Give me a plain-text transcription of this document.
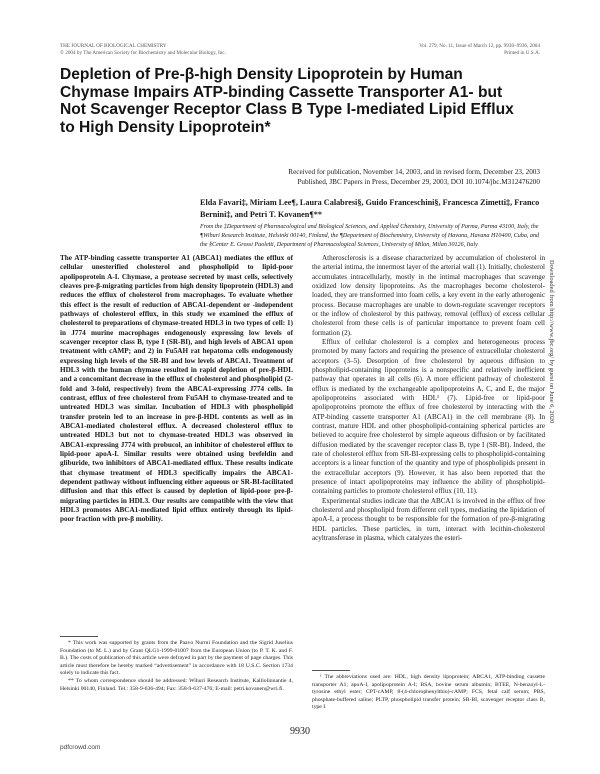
THE JOURNAL OF BIOLOGICAL CHEMISTRY
© 2004 by The American Society for Biochemistry and Molecular Biology, Inc.
Vol. 279, No. 11, Issue of March 12, pp. 9930–9936, 2004
Printed in U.S.A.
Depletion of Pre-β-high Density Lipoprotein by Human Chymase Impairs ATP-binding Cassette Transporter A1- but Not Scavenger Receptor Class B Type I-mediated Lipid Efflux to High Density Lipoprotein*
Received for publication, November 14, 2003, and in revised form, December 23, 2003
Published, JBC Papers in Press, December 29, 2003, DOI 10.1074/jbc.M312476200
Elda Favari‡, Miriam Lee¶, Laura Calabresi§, Guido Franceschini§, Francesca Zimetti‡, Franco Bernini‡, and Petri T. Kovanen¶**
From the ‡Department of Pharmacological and Biological Sciences, and Applied Chemistry, University of Parma, Parma 43100, Italy, the ¶Wihuri Research Institute, Helsinki 00140, Finland, the ¶Department of Biochemistry, University of Havana, Havana H10400, Cuba, and the §Center E. Grossi Paoletti, Department of Pharmacological Sciences, University of Milan, Milan 30126, Italy

The ATP-binding cassette transporter A1 (ABCA1) mediates the efflux of cellular unesterified cholesterol and phospholipid to lipid-poor apolipoprotein A-I. Chymase, a protease secreted by mast cells, selectively cleaves pre-β-migrating particles from high density lipoprotein (HDL3) and reduces the efflux of cholesterol from macrophages. To evaluate whether this effect is the result of reduction of ABCA1-dependent or -independent pathways of cholesterol efflux, in this study we examined the efflux of cholesterol to preparations of chymase-treated HDL3 in two types of cell: 1) in J774 murine macrophages endogenously expressing low levels of scavenger receptor class B, type I (SR-BI), and high levels of ABCA1 upon treatment with cAMP; and 2) in Fu5AH rat hepatoma cells endogenously expressing high levels of the SR-BI and low levels of ABCA1. Treatment of HDL3 with the human chymase resulted in rapid depletion of pre-β-HDL and a concomitant decrease in the efflux of cholesterol and phospholipid (2-fold and 3-fold, respectively) from the ABCA1-expressing J774 cells. In contrast, efflux of free cholesterol from Fu5AH to chymase-treated and to untreated HDL3 was similar. Incubation of HDL3 with phospholipid transfer protein led to an increase in pre-β-HDL contents as well as in ABCA1-mediated cholesterol efflux. A decreased cholesterol efflux to untreated HDL3 but not to chymase-treated HDL3 was observed in ABCA1-expressing J774 with probucol, an inhibitor of cholesterol efflux to lipid-poor apoA-I. Similar results were obtained using brefeldin and gliburide, two inhibitors of ABCA1-mediated efflux. These results indicate that chymase treatment of HDL3 specifically impairs the ABCA1-dependent pathway without influencing either aqueous or SR-BI-facilitated diffusion and that this effect is caused by depletion of lipid-poor pre-β-migrating particles in HDL3. Our results are compatible with the view that HDL3 promotes ABCA1-mediated lipid efflux entirely through its lipid-poor fraction with pre-β mobility.

Atherosclerosis is a disease characterized by accumulation of cholesterol in the arterial intima, the innermost layer of the arterial wall (1). Initially, cholesterol accumulates intracellularly, mostly in the intimal macrophages that scavenge oxidized low density lipoproteins. As the macrophages become cholesterol-loaded, they are transformed into foam cells, a key event in the early atherogenic process. Because macrophages are unable to down-regulate scavenger receptors or the inflow of cholesterol by this pathway, removal (efflux) of excess cellular cholesterol from these cells is of particular importance to prevent foam cell formation (2).

Efflux of cellular cholesterol is a complex and heterogeneous process promoted by many factors and requiring the presence of extracellular cholesterol acceptors (3–5). Desorption of free cholesterol by aqueous diffusion to phospholipid-containing lipoproteins is a nonspecific and relatively inefficient pathway that operates in all cells (6). A more efficient pathway of cholesterol efflux is mediated by the exchangeable apolipoproteins A, C, and E, the major apolipoproteins associated with HDL¹ (7). Lipid-free or lipid-poor apolipoproteins promote the efflux of free cholesterol by interacting with the ATP-binding cassette transporter A1 (ABCA1) in the cell membrane (8). In contrast, mature HDL and other phospholipid-containing spherical particles are believed to acquire free cholesterol by simple aqueous diffusion or by facilitated diffusion mediated by the scavenger receptor class B, type I (SR-BI). Indeed, the rate of cholesterol efflux from SR-BI-expressing cells to phospholipid-containing acceptors is a linear function of the quantity and type of phospholipids present in the extracellular acceptors (9). However, it has also been reported that the presence of intact apolipoproteins may influence the ability of phospholipid-containing particles to promote cholesterol efflux (10, 11).

Experimental studies indicate that the ABCA1 is involved in the efflux of free cholesterol and phospholipid from different cell types, mediating the lipidation of apoA-I, a process thought to be responsible for the formation of pre-β-migrating HDL particles. These particles, in turn, interact with lecithin-cholesterol acyltransferase in plasma, which catalyzes the esteri-

* This work was supported by grants from the Paavo Nurmi Foundation and the Sigrid Juselius Foundation (to M. L.) and by Grant QLG1-1999-01007 from the European Union (to P. T. K. and F. B.). The costs of publication of this article were defrayed in part by the payment of page charges. This article must therefore be hereby marked “advertisement” in accordance with 18 U.S.C. Section 1734 solely to indicate this fact.

** To whom correspondence should be addressed: Wihuri Research Institute, Kalliolinnantie 4, Helsinki 00140, Finland. Tel.: 358-9-636-494; Fax: 358-9-637-476; E-mail: petri.kovanen@wri.fi.

¹ The abbreviations used are: HDL, high density lipoprotein; ABCA1, ATP-binding cassette transporter A1; apoA-I, apolipoprotein A-I; BSA, bovine serum albumin; BTEE, N-benzoyl-L-tyrosine ethyl ester; CPT-cAMP, 8-(4-chlorophenylthio)-cAMP; FCS, fetal calf serum; PBS, phosphate-buffered saline; PLTP, phospholipid transfer protein; SR-BI, scavenger receptor class B, type I.

9930
pdfcrowd.com
Downloaded from http://www.jbc.org/ by guest on June 6, 2020
